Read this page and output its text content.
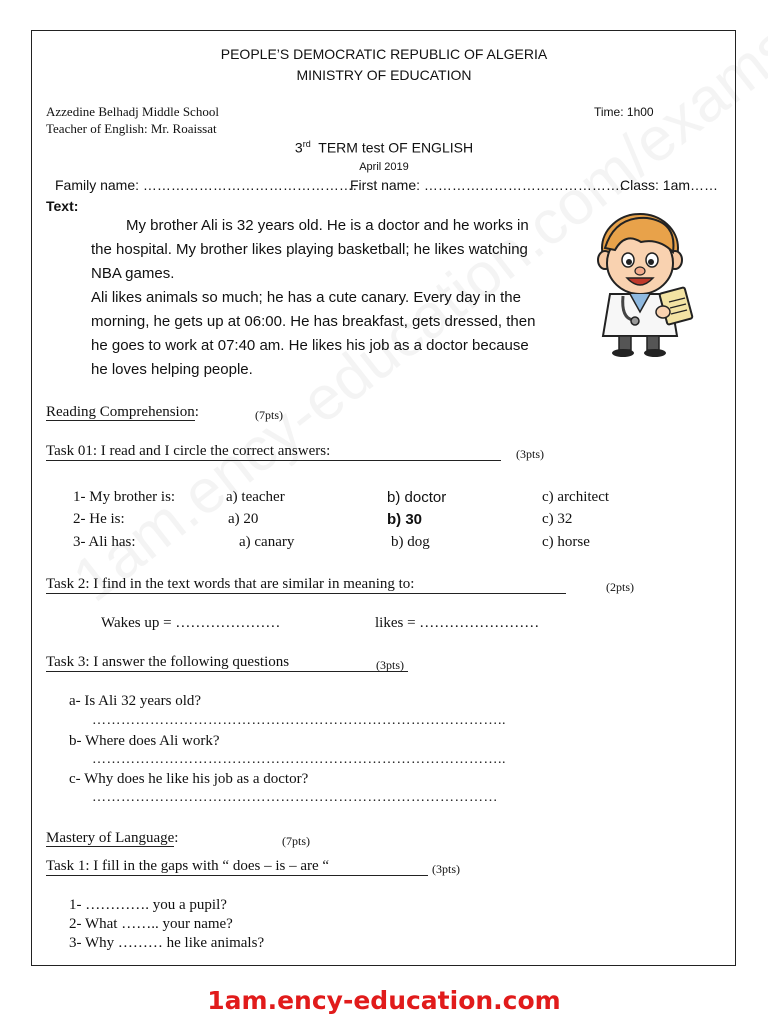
PEOPLE’S DEMOCRATIC REPUBLIC OF ALGERIA
MINISTRY OF EDUCATION
Azzedine Belhadj Middle School
Teacher of English: Mr. Roaissat
Time: 1h00
3rd TERM test OF ENGLISH
April 2019
Family name: ……………………………………….
First name: …………………………………….
Class: 1am……
Text:
My brother Ali is 32 years old. He is a doctor and he works in
the hospital. My brother likes playing basketball; he likes watching
NBA games.
Ali likes animals so much; he has a cute canary. Every day in the
morning, he gets up at 06:00. He has breakfast, gets dressed, then
he goes to work at 07:40 am. He likes his job as a doctor because
he loves helping people.
Reading Comprehension:	(7pts)
Task 01: I read and I circle the correct answers:	(3pts)
1- My brother is:	a) teacher	b) doctor	c) architect
2- He is:	a) 20	b) 30	c) 32
3- Ali has:	a) canary	b) dog	c) horse
Task 2: I find in the text words that are similar in meaning to:	(2pts)
Wakes up = …………………	likes = ……………………
Task 3: I answer the following questions	(3pts)
a- Is Ali 32 years old?
…………………………………………………………………………..
b- Where does Ali work?
…………………………………………………………………………..
c- Why does he like his job as a doctor?
…………………………………………………………………………
Mastery of Language:	(7pts)
Task 1: I fill in the gaps with “ does – is – are “	(3pts)
1- …………. you a pupil?
2- What …….. your name?
3- Why ……… he like animals?
1am.ency-education.com
